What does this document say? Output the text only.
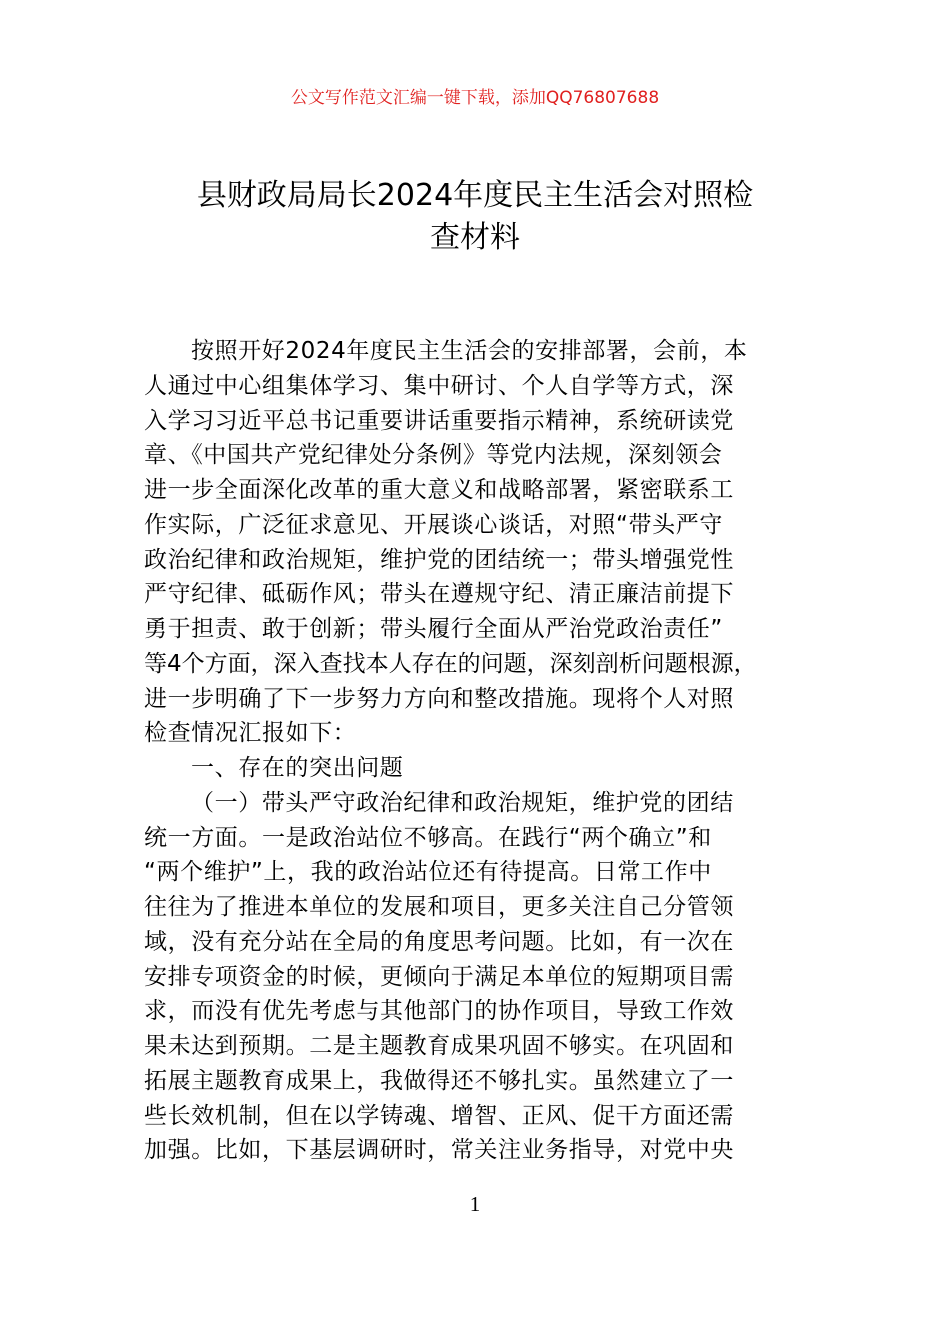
公文写作范文汇编一键下载，添加QQ76807688
县财政局局长2024年度民主生活会对照检
查材料
按照开好2024年度民主生活会的安排部署，会前，本
人通过中心组集体学习、集中研讨、个人自学等方式，深
入学习习近平总书记重要讲话重要指示精神，系统研读党
章、《中国共产党纪律处分条例》等党内法规，深刻领会
进一步全面深化改革的重大意义和战略部署，紧密联系工
作实际，广泛征求意见、开展谈心谈话，对照“带头严守
政治纪律和政治规矩，维护党的团结统一；带头增强党性
严守纪律、砥砺作风；带头在遵规守纪、清正廉洁前提下
勇于担责、敢于创新；带头履行全面从严治党政治责任”
等4个方面，深入查找本人存在的问题，深刻剖析问题根源，
进一步明确了下一步努力方向和整改措施。现将个人对照
检查情况汇报如下：
一、存在的突出问题
（一）带头严守政治纪律和政治规矩，维护党的团结
统一方面。一是政治站位不够高。在践行“两个确立”和
“两个维护”上，我的政治站位还有待提高。日常工作中
往往为了推进本单位的发展和项目，更多关注自己分管领
域，没有充分站在全局的角度思考问题。比如，有一次在
安排专项资金的时候，更倾向于满足本单位的短期项目需
求，而没有优先考虑与其他部门的协作项目，导致工作效
果未达到预期。二是主题教育成果巩固不够实。在巩固和
拓展主题教育成果上，我做得还不够扎实。虽然建立了一
些长效机制，但在以学铸魂、增智、正风、促干方面还需
加强。比如，下基层调研时，常关注业务指导，对党中央
1
